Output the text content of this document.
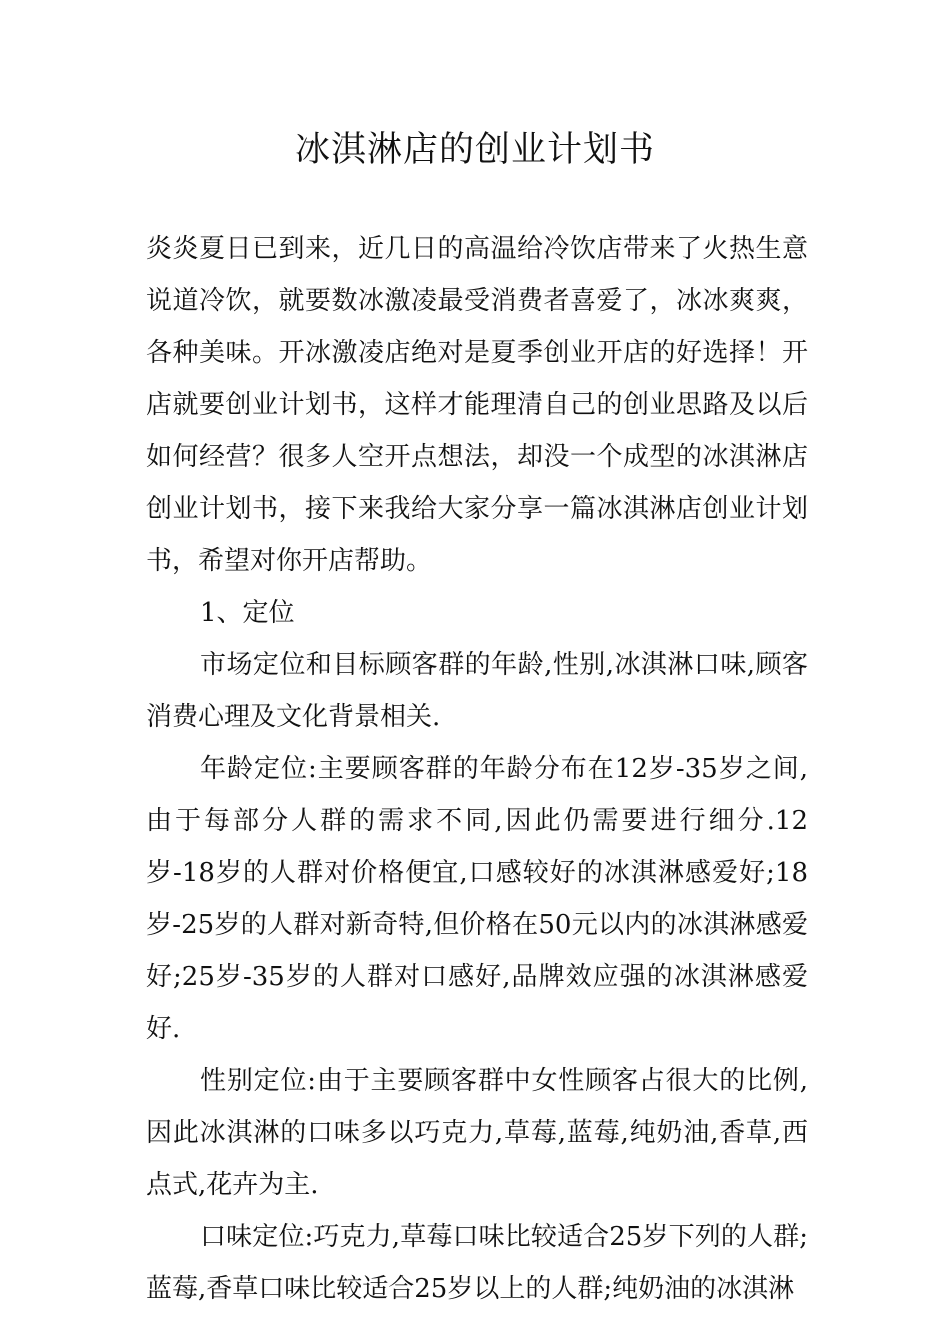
冰淇淋店的创业计划书

炎炎夏日已到来，近几日的高温给冷饮店带来了火热生意说道冷饮，就要数冰激凌最受消费者喜爱了，冰冰爽爽，各种美味。开冰激凌店绝对是夏季创业开店的好选择！开店就要创业计划书，这样才能理清自己的创业思路及以后如何经营？很多人空开点想法，却没一个成型的冰淇淋店创业计划书，接下来我给大家分享一篇冰淇淋店创业计划书，希望对你开店帮助。

1、定位

市场定位和目标顾客群的年龄,性别,冰淇淋口味,顾客消费心理及文化背景相关.

年龄定位:主要顾客群的年龄分布在12岁-35岁之间,由于每部分人群的需求不同,因此仍需要进行细分.12岁-18岁的人群对价格便宜,口感较好的冰淇淋感爱好;18岁-25岁的人群对新奇特,但价格在50元以内的冰淇淋感爱好;25岁-35岁的人群对口感好,品牌效应强的冰淇淋感爱好.

性别定位:由于主要顾客群中女性顾客占很大的比例,因此冰淇淋的口味多以巧克力,草莓,蓝莓,纯奶油,香草,西点式,花卉为主.

口味定位:巧克力,草莓口味比较适合25岁下列的人群;蓝莓,香草口味比较适合25岁以上的人群;纯奶油的冰淇淋
